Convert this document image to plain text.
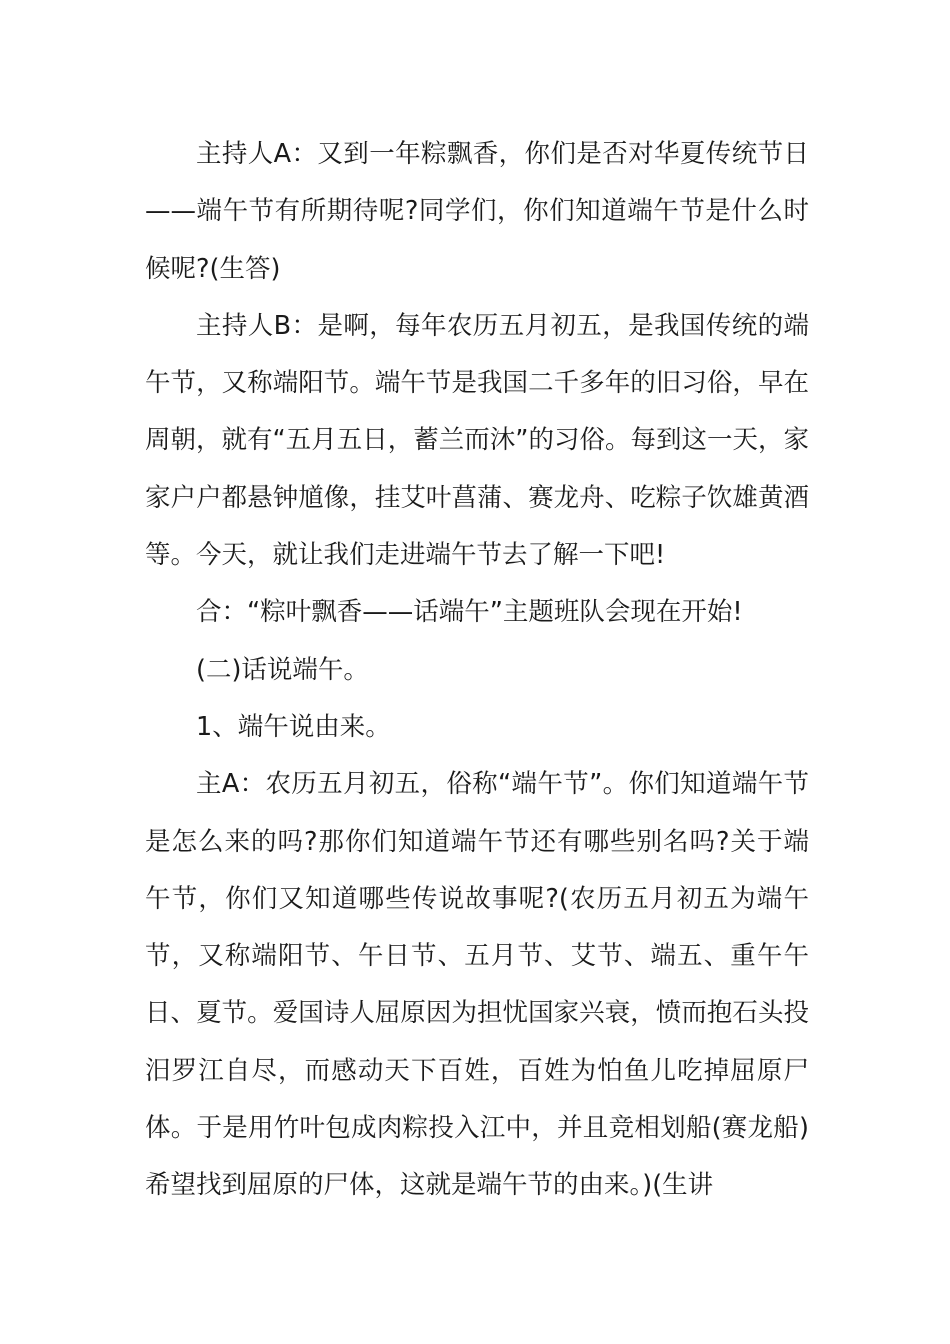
主持人A：又到一年粽飘香，你们是否对华夏传统节日——端午节有所期待呢?同学们，你们知道端午节是什么时候呢?(生答)

主持人B：是啊，每年农历五月初五，是我国传统的端午节，又称端阳节。端午节是我国二千多年的旧习俗，早在周朝，就有“五月五日，蓄兰而沐”的习俗。每到这一天，家家户户都悬钟馗像，挂艾叶菖蒲、赛龙舟、吃粽子饮雄黄酒等。今天，就让我们走进端午节去了解一下吧!

合：“粽叶飘香——话端午”主题班队会现在开始!

(二)话说端午。

1、端午说由来。

主A：农历五月初五，俗称“端午节”。你们知道端午节是怎么来的吗?那你们知道端午节还有哪些别名吗?关于端午节，你们又知道哪些传说故事呢?(农历五月初五为端午节，又称端阳节、午日节、五月节、艾节、端五、重午午日、夏节。爱国诗人屈原因为担忧国家兴衰，愤而抱石头投汨罗江自尽，而感动天下百姓，百姓为怕鱼儿吃掉屈原尸体。于是用竹叶包成肉粽投入江中，并且竞相划船(赛龙船)希望找到屈原的尸体，这就是端午节的由来。)(生讲
